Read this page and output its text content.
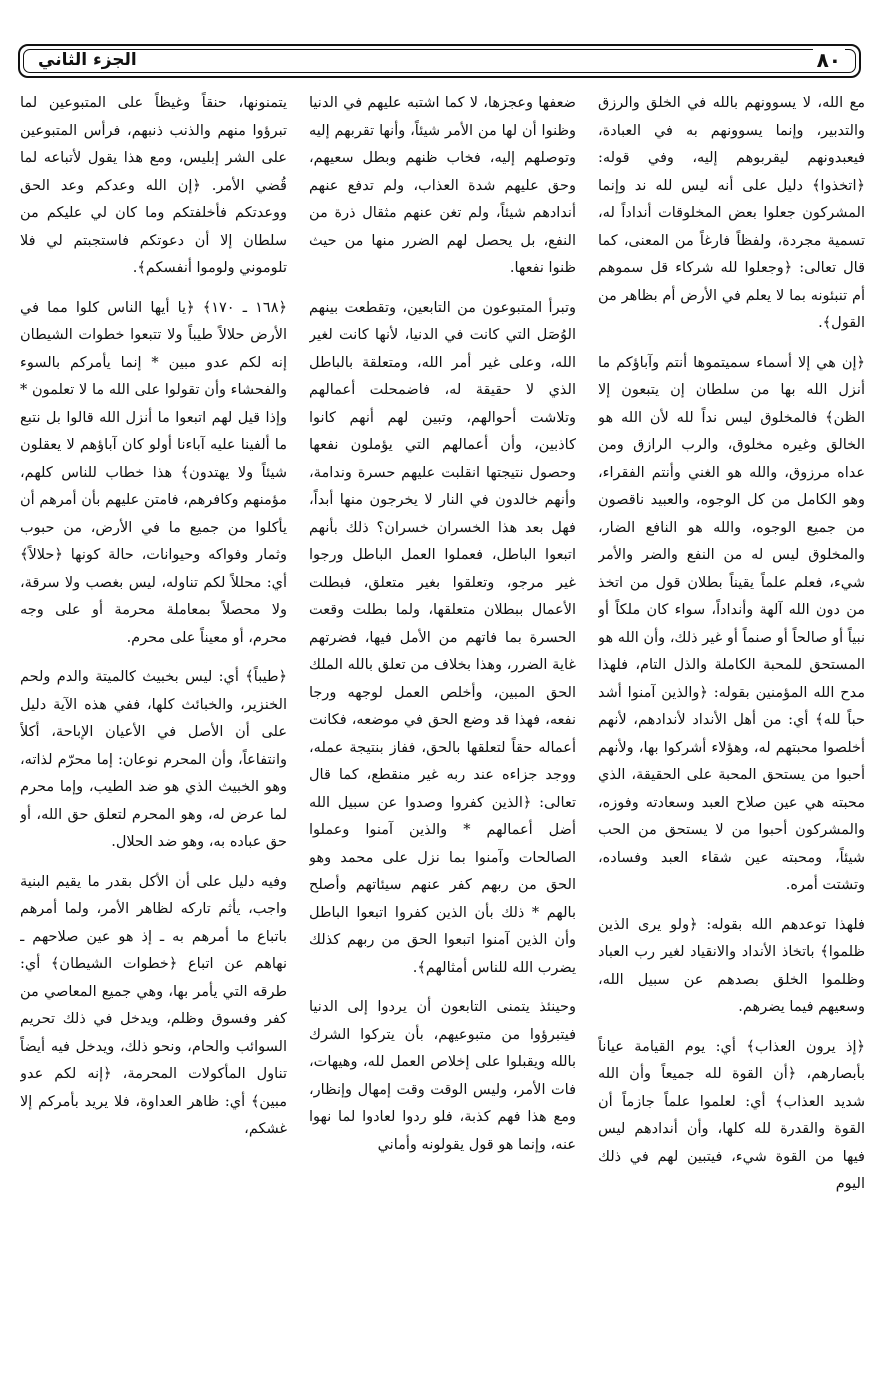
٨٠
الجزء الثاني

مع الله، لا يسوونهم بالله في الخلق والرزق والتدبير، وإنما يسوونهم به في العبادة، فيعبدونهم ليقربوهم إليه، وفي قوله: ﴿اتخذوا﴾ دليل على أنه ليس لله ند وإنما المشركون جعلوا بعض المخلوقات أنداداً له، تسمية مجردة، ولفظاً فارغاً من المعنى، كما قال تعالى: ﴿وجعلوا لله شركاء قل سموهم أم تنبئونه بما لا يعلم في الأرض أم بظاهر من القول﴾.

﴿إن هي إلا أسماء سميتموها أنتم وآباؤكم ما أنزل الله بها من سلطان إن يتبعون إلا الظن﴾ فالمخلوق ليس نداً لله لأن الله هو الخالق وغيره مخلوق، والرب الرازق ومن عداه مرزوق، والله هو الغني وأنتم الفقراء، وهو الكامل من كل الوجوه، والعبيد ناقصون من جميع الوجوه، والله هو النافع الضار، والمخلوق ليس له من النفع والضر والأمر شيء، فعلم علماً يقيناً بطلان قول من اتخذ من دون الله آلهة وأنداداً، سواء كان ملكاً أو نبياً أو صالحاً أو صنماً أو غير ذلك، وأن الله هو المستحق للمحبة الكاملة والذل التام، فلهذا مدح الله المؤمنين بقوله: ﴿والذين آمنوا أشد حباً لله﴾ أي: من أهل الأنداد لأندادهم، لأنهم أخلصوا محبتهم له، وهؤلاء أشركوا بها، ولأنهم أحبوا من يستحق المحبة على الحقيقة، الذي محبته هي عين صلاح العبد وسعادته وفوزه، والمشركون أحبوا من لا يستحق من الحب شيئاً، ومحبته عين شقاء العبد وفساده، وتشتت أمره.

فلهذا توعدهم الله بقوله: ﴿ولو يرى الذين ظلموا﴾ باتخاذ الأنداد والانقياد لغير رب العباد وظلموا الخلق بصدهم عن سبيل الله، وسعيهم فيما يضرهم.

﴿إذ يرون العذاب﴾ أي: يوم القيامة عياناً بأبصارهم، ﴿أن القوة لله جميعاً وأن الله شديد العذاب﴾ أي: لعلموا علماً جازماً أن القوة والقدرة لله كلها، وأن أندادهم ليس فيها من القوة شيء، فيتبين لهم في ذلك اليوم

ضعفها وعجزها، لا كما اشتبه عليهم في الدنيا وظنوا أن لها من الأمر شيئاً، وأنها تقربهم إليه وتوصلهم إليه، فخاب ظنهم وبطل سعيهم، وحق عليهم شدة العذاب، ولم تدفع عنهم أندادهم شيئاً، ولم تغن عنهم مثقال ذرة من النفع، بل يحصل لهم الضرر منها من حيث ظنوا نفعها.

وتبرأ المتبوعون من التابعين، وتقطعت بينهم الوُصَل التي كانت في الدنيا، لأنها كانت لغير الله، وعلى غير أمر الله، ومتعلقة بالباطل الذي لا حقيقة له، فاضمحلت أعمالهم وتلاشت أحوالهم، وتبين لهم أنهم كانوا كاذبين، وأن أعمالهم التي يؤملون نفعها وحصول نتيجتها انقلبت عليهم حسرة وندامة، وأنهم خالدون في النار لا يخرجون منها أبداً، فهل بعد هذا الخسران خسران؟ ذلك بأنهم اتبعوا الباطل، فعملوا العمل الباطل ورجوا غير مرجو، وتعلقوا بغير متعلق، فبطلت الأعمال ببطلان متعلقها، ولما بطلت وقعت الحسرة بما فاتهم من الأمل فيها، فضرتهم غاية الضرر، وهذا بخلاف من تعلق بالله الملك الحق المبين، وأخلص العمل لوجهه ورجا نفعه، فهذا قد وضع الحق في موضعه، فكانت أعماله حقاً لتعلقها بالحق، ففاز بنتيجة عمله، ووجد جزاءه عند ربه غير منقطع، كما قال تعالى: ﴿الذين كفروا وصدوا عن سبيل الله أضل أعمالهم * والذين آمنوا وعملوا الصالحات وآمنوا بما نزل على محمد وهو الحق من ربهم كفر عنهم سيئاتهم وأصلح بالهم * ذلك بأن الذين كفروا اتبعوا الباطل وأن الذين آمنوا اتبعوا الحق من ربهم كذلك يضرب الله للناس أمثالهم﴾.

وحينئذ يتمنى التابعون أن يردوا إلى الدنيا فيتبرؤوا من متبوعيهم، بأن يتركوا الشرك بالله ويقبلوا على إخلاص العمل لله، وهيهات، فات الأمر، وليس الوقت وقت إمهال وإنظار، ومع هذا فهم كذبة، فلو ردوا لعادوا لما نهوا عنه، وإنما هو قول يقولونه وأماني

يتمنونها، حنقاً وغيظاً على المتبوعين لما تبرؤوا منهم والذنب ذنبهم، فرأس المتبوعين على الشر إبليس، ومع هذا يقول لأتباعه لما قُضي الأمر. ﴿إن الله وعدكم وعد الحق ووعدتكم فأخلفتكم وما كان لي عليكم من سلطان إلا أن دعوتكم فاستجبتم لي فلا تلوموني ولوموا أنفسكم﴾.

﴿١٦٨ ـ ١٧٠﴾ ﴿يا أيها الناس كلوا مما في الأرض حلالاً طيباً ولا تتبعوا خطوات الشيطان إنه لكم عدو مبين * إنما يأمركم بالسوء والفحشاء وأن تقولوا على الله ما لا تعلمون * وإذا قيل لهم اتبعوا ما أنزل الله قالوا بل نتبع ما ألفينا عليه آباءنا أولو كان آباؤهم لا يعقلون شيئاً ولا يهتدون﴾ هذا خطاب للناس كلهم، مؤمنهم وكافرهم، فامتن عليهم بأن أمرهم أن يأكلوا من جميع ما في الأرض، من حبوب وثمار وفواكه وحيوانات، حالة كونها ﴿حلالاً﴾ أي: محللاً لكم تناوله، ليس بغصب ولا سرقة، ولا محصلاً بمعاملة محرمة أو على وجه محرم، أو معيناً على محرم.

﴿طيباً﴾ أي: ليس بخبيث كالميتة والدم ولحم الخنزير، والخبائث كلها، ففي هذه الآية دليل على أن الأصل في الأعيان الإباحة، أكلاً وانتفاعاً، وأن المحرم نوعان: إما محرّم لذاته، وهو الخبيث الذي هو ضد الطيب، وإما محرم لما عرض له، وهو المحرم لتعلق حق الله، أو حق عباده به، وهو ضد الحلال.

وفيه دليل على أن الأكل بقدر ما يقيم البنية واجب، يأثم تاركه لظاهر الأمر، ولما أمرهم باتباع ما أمرهم به ـ إذ هو عين صلاحهم ـ نهاهم عن اتباع ﴿خطوات الشيطان﴾ أي: طرقه التي يأمر بها، وهي جميع المعاصي من كفر وفسوق وظلم، ويدخل في ذلك تحريم السوائب والحام، ونحو ذلك، ويدخل فيه أيضاً تناول المأكولات المحرمة، ﴿إنه لكم عدو مبين﴾ أي: ظاهر العداوة، فلا يريد بأمركم إلا غشكم،
